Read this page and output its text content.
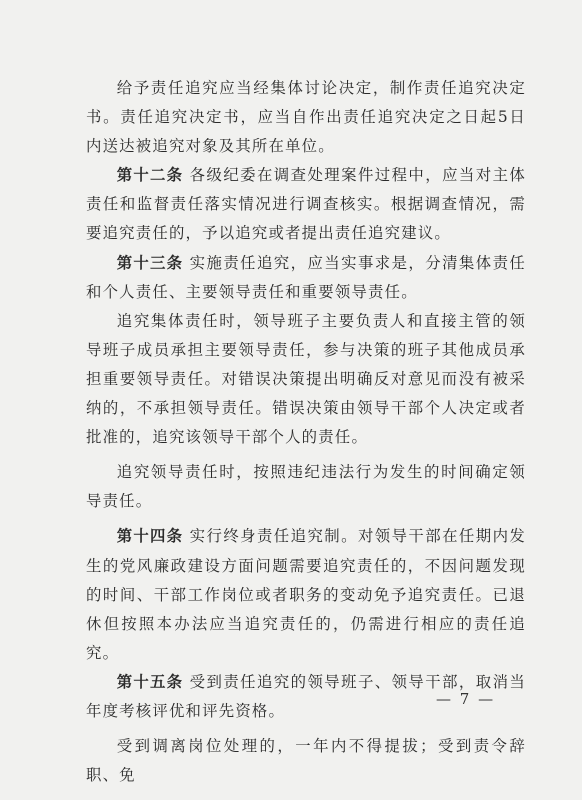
给予责任追究应当经集体讨论决定，制作责任追究决定书。责任追究决定书，应当自作出责任追究决定之日起5日内送达被追究对象及其所在单位。

第十二条 各级纪委在调查处理案件过程中，应当对主体责任和监督责任落实情况进行调查核实。根据调查情况，需要追究责任的，予以追究或者提出责任追究建议。

第十三条 实施责任追究，应当实事求是，分清集体责任和个人责任、主要领导责任和重要领导责任。

追究集体责任时，领导班子主要负责人和直接主管的领导班子成员承担主要领导责任，参与决策的班子其他成员承担重要领导责任。对错误决策提出明确反对意见而没有被采纳的，不承担领导责任。错误决策由领导干部个人决定或者批准的，追究该领导干部个人的责任。

追究领导责任时，按照违纪违法行为发生的时间确定领导责任。

第十四条 实行终身责任追究制。对领导干部在任期内发生的党风廉政建设方面问题需要追究责任的，不因问题发现的时间、干部工作岗位或者职务的变动免予追究责任。已退休但按照本办法应当追究责任的，仍需进行相应的责任追究。

第十五条 受到责任追究的领导班子、领导干部，取消当年度考核评优和评先资格。

受到调离岗位处理的，一年内不得提拔；受到责令辞职、免

— 7 —
